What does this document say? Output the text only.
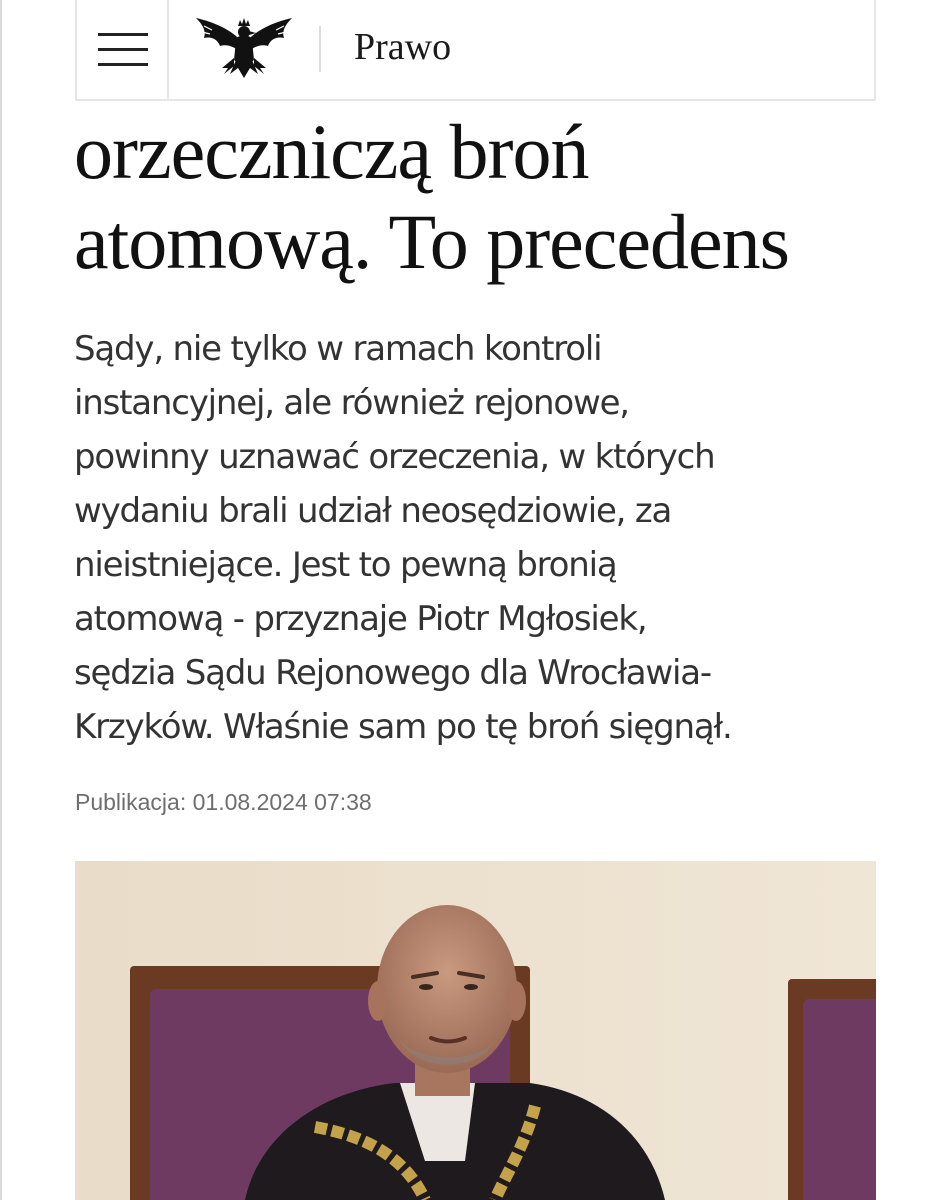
Prawo
orzeczniczą broń
atomową. To precedens

Sądy, nie tylko w ramach kontroli
instancyjnej, ale również rejonowe,
powinny uznawać orzeczenia, w których
wydaniu brali udział neosędziowie, za
nieistniejące. Jest to pewną bronią
atomową - przyznaje Piotr Mgłosiek,
sędzia Sądu Rejonowego dla Wrocławia-
Krzyków. Właśnie sam po tę broń sięgnął.

Publikacja: 01.08.2024 07:38
